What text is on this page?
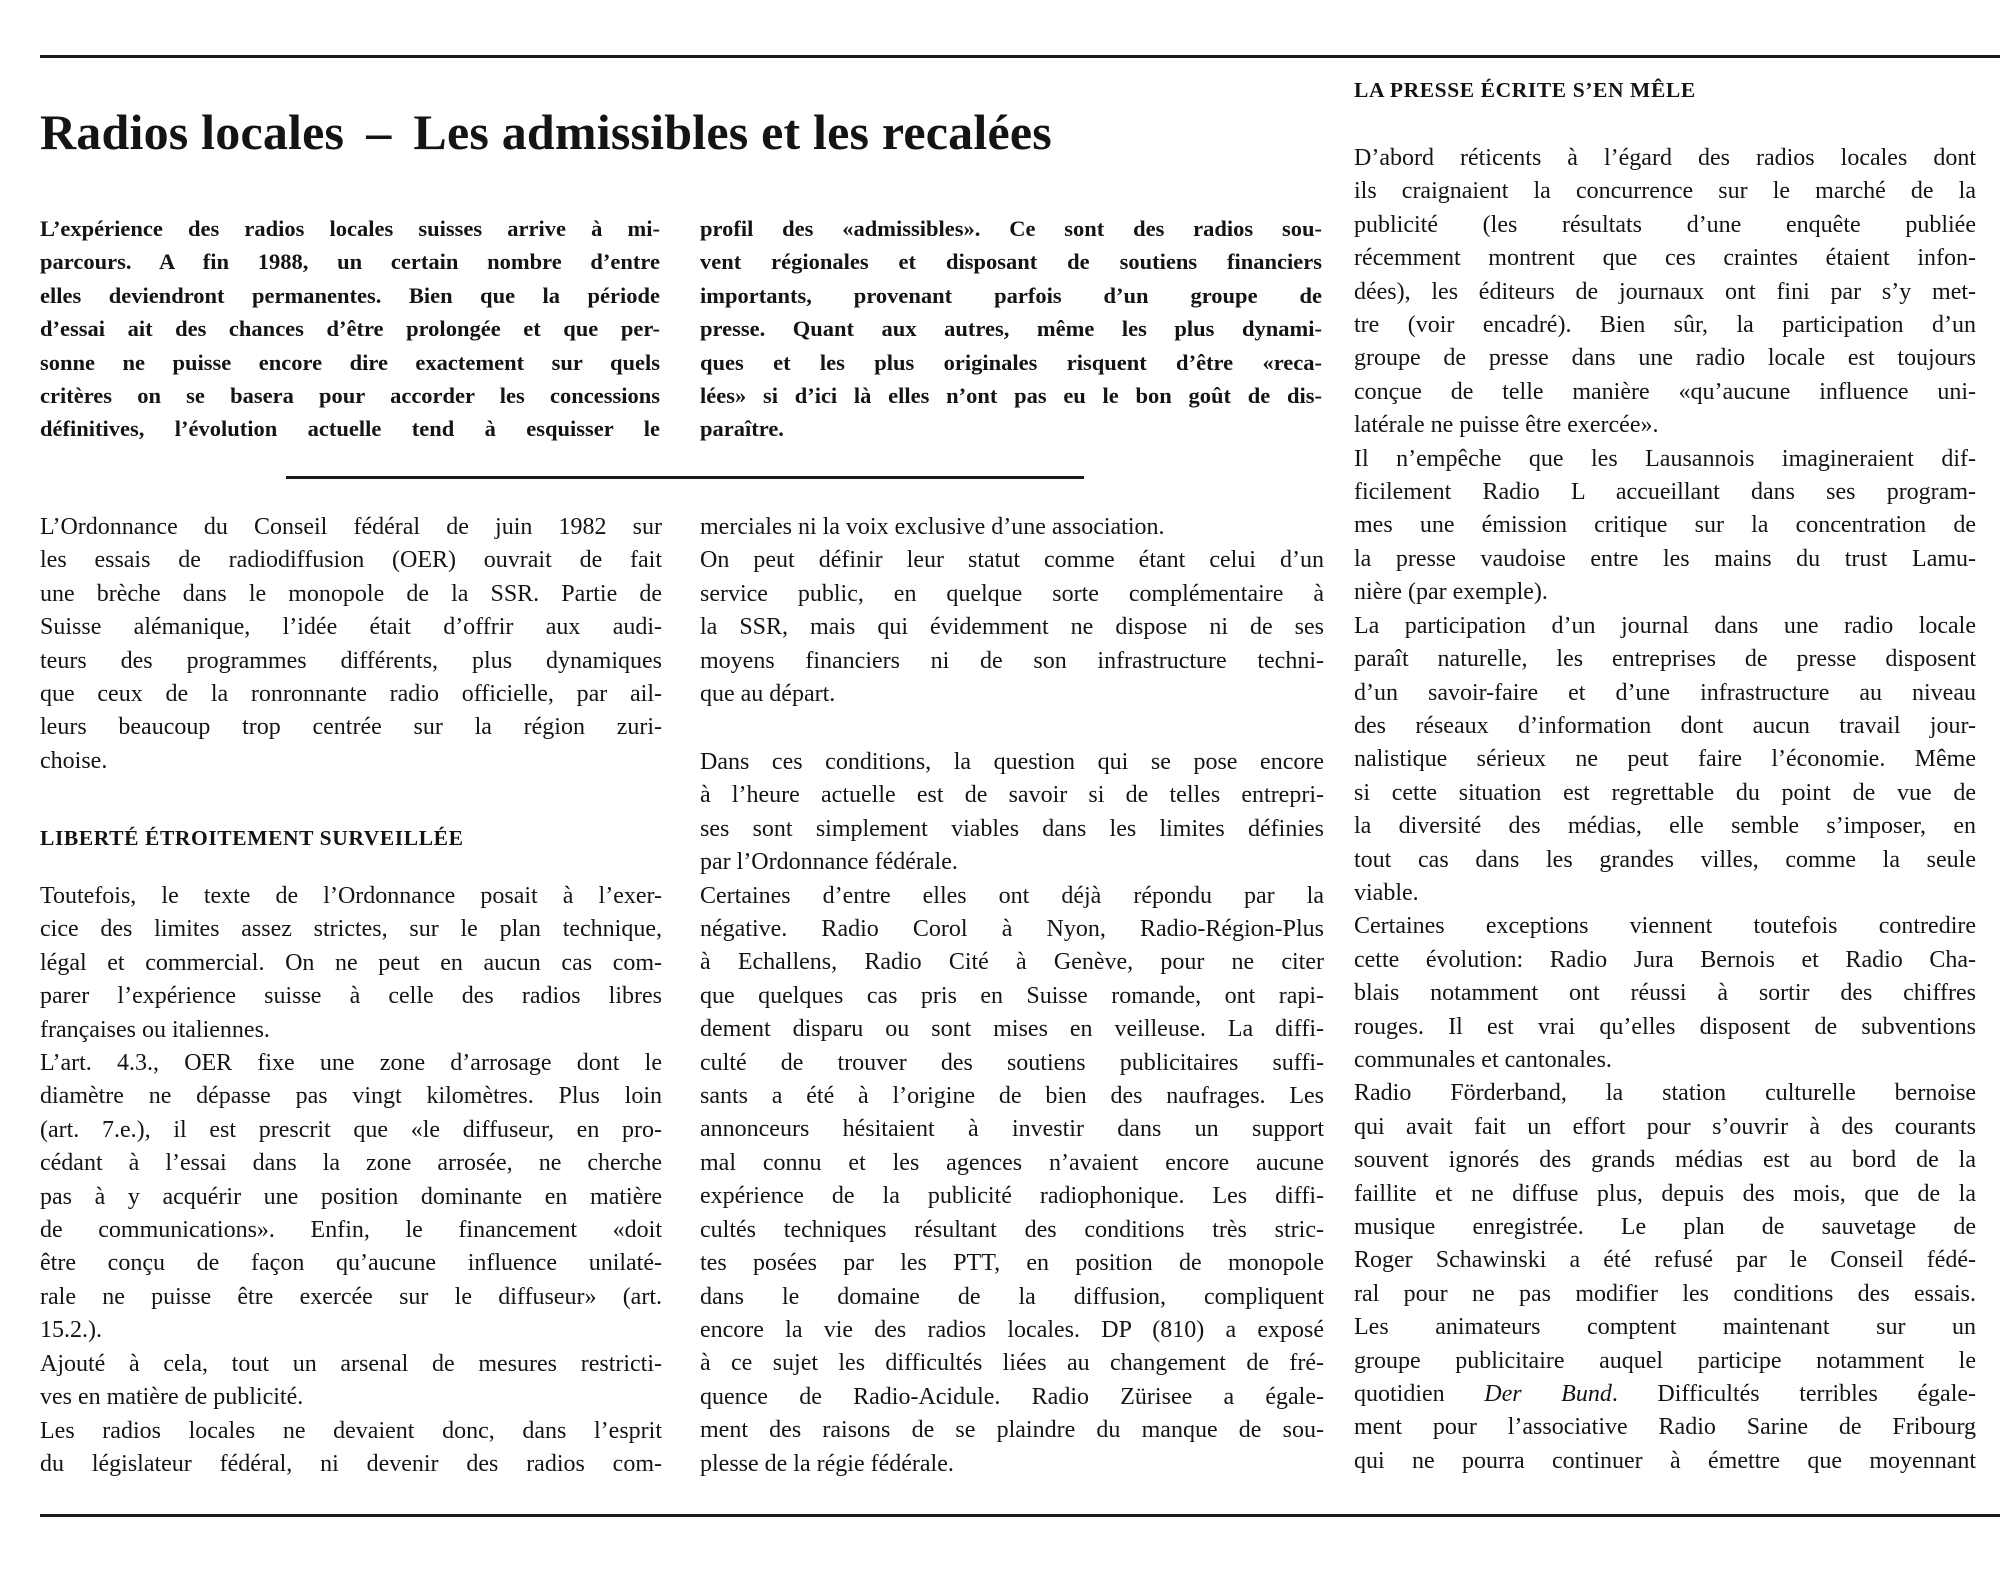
Radios locales – Les admissibles et les recalées
LA PRESSE ÉCRITE S’EN MÊLE
L’expérience des radios locales suisses arrive à mi-
parcours. A fin 1988, un certain nombre d’entre
elles deviendront permanentes. Bien que la période
d’essai ait des chances d’être prolongée et que per-
sonne ne puisse encore dire exactement sur quels
critères on se basera pour accorder les concessions
définitives, l’évolution actuelle tend à esquisser le
profil des «admissibles». Ce sont des radios sou-
vent régionales et disposant de soutiens financiers
importants, provenant parfois d’un groupe de
presse. Quant aux autres, même les plus dynami-
ques et les plus originales risquent d’être «reca-
lées» si d’ici là elles n’ont pas eu le bon goût de dis-
paraître.
L’Ordonnance du Conseil fédéral de juin 1982 sur
les essais de radiodiffusion (OER) ouvrait de fait
une brèche dans le monopole de la SSR. Partie de
Suisse alémanique, l’idée était d’offrir aux audi-
teurs des programmes différents, plus dynamiques
que ceux de la ronronnante radio officielle, par ail-
leurs beaucoup trop centrée sur la région zuri-
choise.
LIBERTÉ ÉTROITEMENT SURVEILLÉE
Toutefois, le texte de l’Ordonnance posait à l’exer-
cice des limites assez strictes, sur le plan technique,
légal et commercial. On ne peut en aucun cas com-
parer l’expérience suisse à celle des radios libres
françaises ou italiennes.
L’art. 4.3., OER fixe une zone d’arrosage dont le
diamètre ne dépasse pas vingt kilomètres. Plus loin
(art. 7.e.), il est prescrit que «le diffuseur, en pro-
cédant à l’essai dans la zone arrosée, ne cherche
pas à y acquérir une position dominante en matière
de communications». Enfin, le financement «doit
être conçu de façon qu’aucune influence unilaté-
rale ne puisse être exercée sur le diffuseur» (art.
15.2.).
Ajouté à cela, tout un arsenal de mesures restricti-
ves en matière de publicité.
Les radios locales ne devaient donc, dans l’esprit
du législateur fédéral, ni devenir des radios com-
merciales ni la voix exclusive d’une association.
On peut définir leur statut comme étant celui d’un
service public, en quelque sorte complémentaire à
la SSR, mais qui évidemment ne dispose ni de ses
moyens financiers ni de son infrastructure techni-
que au départ.
Dans ces conditions, la question qui se pose encore
à l’heure actuelle est de savoir si de telles entrepri-
ses sont simplement viables dans les limites définies
par l’Ordonnance fédérale.
Certaines d’entre elles ont déjà répondu par la
négative. Radio Corol à Nyon, Radio-Région-Plus
à Echallens, Radio Cité à Genève, pour ne citer
que quelques cas pris en Suisse romande, ont rapi-
dement disparu ou sont mises en veilleuse. La diffi-
culté de trouver des soutiens publicitaires suffi-
sants a été à l’origine de bien des naufrages. Les
annonceurs hésitaient à investir dans un support
mal connu et les agences n’avaient encore aucune
expérience de la publicité radiophonique. Les diffi-
cultés techniques résultant des conditions très stric-
tes posées par les PTT, en position de monopole
dans le domaine de la diffusion, compliquent
encore la vie des radios locales. DP (810) a exposé
à ce sujet les difficultés liées au changement de fré-
quence de Radio-Acidule. Radio Zürisee a égale-
ment des raisons de se plaindre du manque de sou-
plesse de la régie fédérale.
D’abord réticents à l’égard des radios locales dont
ils craignaient la concurrence sur le marché de la
publicité (les résultats d’une enquête publiée
récemment montrent que ces craintes étaient infon-
dées), les éditeurs de journaux ont fini par s’y met-
tre (voir encadré). Bien sûr, la participation d’un
groupe de presse dans une radio locale est toujours
conçue de telle manière «qu’aucune influence uni-
latérale ne puisse être exercée».
Il n’empêche que les Lausannois imagineraient dif-
ficilement Radio L accueillant dans ses program-
mes une émission critique sur la concentration de
la presse vaudoise entre les mains du trust Lamu-
nière (par exemple).
La participation d’un journal dans une radio locale
paraît naturelle, les entreprises de presse disposent
d’un savoir-faire et d’une infrastructure au niveau
des réseaux d’information dont aucun travail jour-
nalistique sérieux ne peut faire l’économie. Même
si cette situation est regrettable du point de vue de
la diversité des médias, elle semble s’imposer, en
tout cas dans les grandes villes, comme la seule
viable.
Certaines exceptions viennent toutefois contredire
cette évolution: Radio Jura Bernois et Radio Cha-
blais notamment ont réussi à sortir des chiffres
rouges. Il est vrai qu’elles disposent de subventions
communales et cantonales.
Radio Förderband, la station culturelle bernoise
qui avait fait un effort pour s’ouvrir à des courants
souvent ignorés des grands médias est au bord de la
faillite et ne diffuse plus, depuis des mois, que de la
musique enregistrée. Le plan de sauvetage de
Roger Schawinski a été refusé par le Conseil fédé-
ral pour ne pas modifier les conditions des essais.
Les animateurs comptent maintenant sur un
groupe publicitaire auquel participe notamment le
quotidien Der Bund. Difficultés terribles égale-
ment pour l’associative Radio Sarine de Fribourg
qui ne pourra continuer à émettre que moyennant
